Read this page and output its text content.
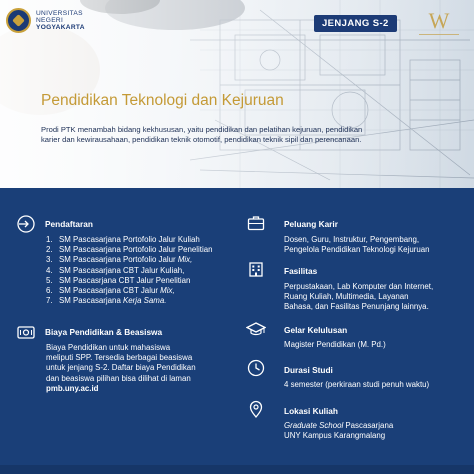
UNIVERSITAS
NEGERI
YOGYAKARTA	JENJANG S-2	W
Pendidikan Teknologi dan Kejuruan
Prodi PTK menambah bidang kekhususan, yaitu pendidikan dan pelatihan kejuruan, pendidikan karier dan kewirausahaan, pendidikan teknik otomotif, pendidikan teknik sipil dan perencanaan.
Pendaftaran
1. SM Pascasarjana Portofolio Jalur Kuliah
2. SM Pascasarjana Portofolio Jalur Penelitian
3. SM Pascasarjana Portofolio Jalur Mix,
4. SM Pascasarjana CBT Jalur Kuliah,
5. SM Pascasrjana CBT Jalur Penelitian
6. SM Pascasarjana CBT Jalur Mix,
7. SM Pascasarjana Kerja Sama.
Biaya Pendidikan & Beasiswa
Biaya Pendidikan untuk mahasiswa
meliputi SPP. Tersedia berbagai beasiswa
untuk jenjang S-2. Daftar biaya Pendidikan
dan beasiswa pilihan bisa dilihat di laman
pmb.uny.ac.id
Peluang Karir
Dosen, Guru, Instruktur, Pengembang,
Pengelola Pendidikan Teknologi Kejuruan
Fasilitas
Perpustakaan, Lab Komputer dan Internet,
Ruang Kuliah, Multimedia, Layanan
Bahasa, dan Fasilitas Penunjang lainnya.
Gelar Kelulusan
Magister Pendidikan (M. Pd.)
Durasi Studi
4 semester (perkiraan studi penuh waktu)
Lokasi Kuliah
Graduate School Pascasarjana
UNY Kampus Karangmalang
